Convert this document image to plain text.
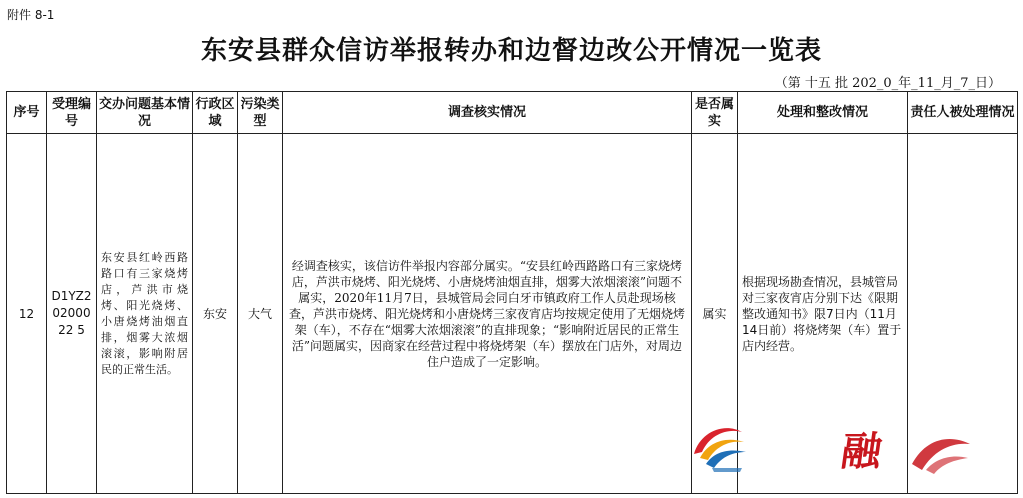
附件 8-1
东安县群众信访举报转办和边督边改公开情况一览表
（第 十五 批 202_0_年_11_月_7_日）
序号	受理编号	交办问题基本情况	行政区域	污染类型	调查核实情况	是否属实	处理和整改情况	责任人被处理情况
12	D1YZ20200022 5	东安县红岭西路路口有三家烧烤店，芦洪市烧烤、阳光烧烤、小唐烧烤油烟直排，烟雾大浓烟滚滚，影响附居民的正常生活。	东安	大气	经调查核实，该信访件举报内容部分属实。“安县红岭西路路口有三家烧烤店，芦洪市烧烤、阳光烧烤、小唐烧烤油烟直排，烟雾大浓烟滚滚”问题不属实，2020年11月7日，县城管局会同白牙市镇政府工作人员赴现场核查，芦洪市烧烤、阳光烧烤和小唐烧烤三家夜宵店均按规定使用了无烟烧烤架（车），不存在“烟雾大浓烟滚滚”的直排现象；“影响附近居民的正常生活”问题属实，因商家在经营过程中将烧烤架（车）摆放在门店外，对周边住户造成了一定影响。	属实	根据现场勘查情况，县城管局对三家夜宵店分别下达《限期整改通知书》限7日内（11月14日前）将烧烤架（车）置于店内经营。	
融
